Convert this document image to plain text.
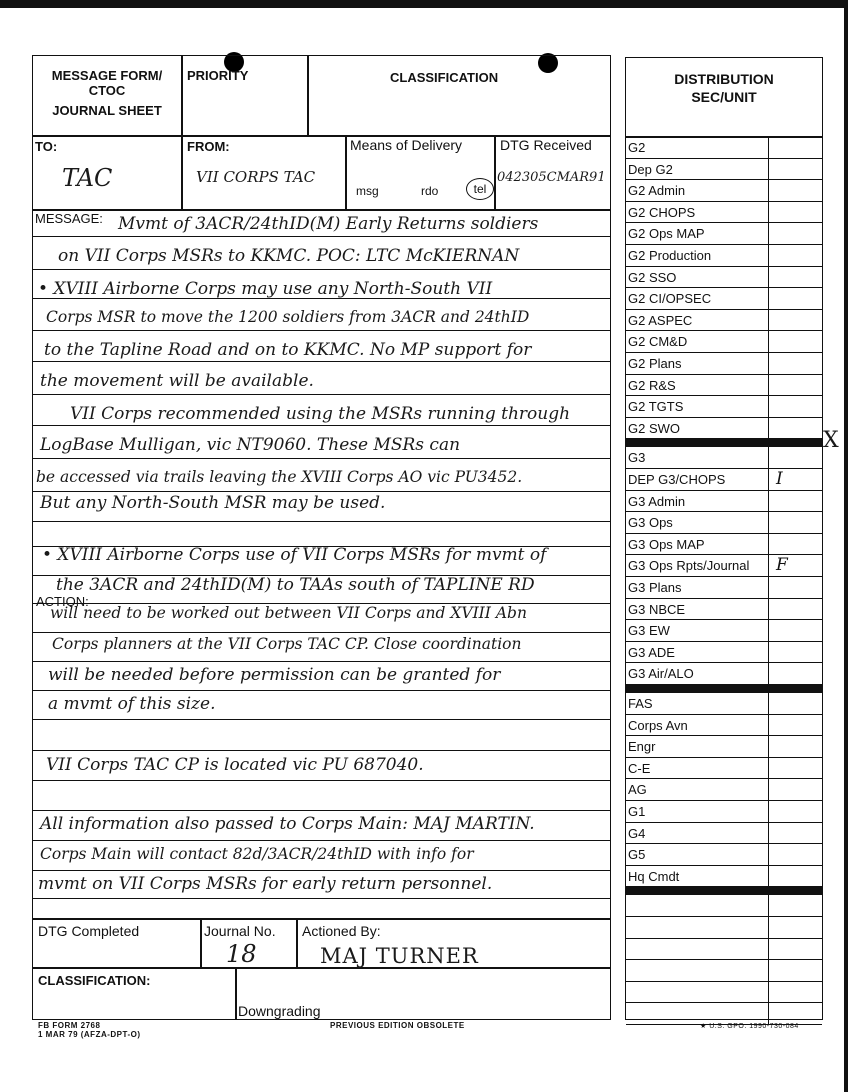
MESSAGE FORM/
CTOC
JOURNAL SHEET
PRIORITY	CLASSIFICATION
TO:
TAC
FROM:
VII CORPS TAC
Means of Delivery
msg	rdo	tel
DTG Received
042305CMAR91
MESSAGE: Mvmt of 3ACR/24thID(M) Early Returns soldiers
on VII Corps MSRs to KKMC. POC: LTC McKIERNAN
• XVIII Airborne Corps may use any North-South VII
Corps MSR to move the 1200 soldiers from 3ACR and 24thID
to the Tapline Road and on to KKMC. No MP support for
the movement will be available.
VII Corps recommended using the MSRs running through
LogBase Mulligan, vic NT9060. These MSRs can
be accessed via trails leaving the XVIII Corps AO vic PU3452.
But any North-South MSR may be used.
• XVIII Airborne Corps use of VII Corps MSRs for mvmt of
the 3ACR and 24thID(M) to TAAs south of TAPLINE RD
will need to be worked out between VII Corps and XVIII Abn
Corps planners at the VII Corps TAC CP. Close coordination
will be needed before permission can be granted for
a mvmt of this size.
VII Corps TAC CP is located vic PU 687040.
All information also passed to Corps Main: MAJ MARTIN.
Corps Main will contact 82d/3ACR/24thID with info for
mvmt on VII Corps MSRs for early return personnel.
ACTION:
DTG Completed	Journal No.
18
Actioned By:
MAJ TURNER
CLASSIFICATION:
Downgrading
DISTRIBUTION
SEC/UNIT
G2
Dep G2
G2 Admin
G2 CHOPS
G2 Ops MAP
G2 Production
G2 SSO
G2 CI/OPSEC
G2 ASPEC
G2 CM&D
G2 Plans
G2 R&S
G2 TGTS
G2 SWO
G3
DEP G3/CHOPS	I
G3 Admin
G3 Ops
G3 Ops MAP
G3 Ops Rpts/Journal F
G3 Plans
G3 NBCE
G3 EW
G3 ADE
G3 Air/ALO
FAS
Corps Avn
Engr
C-E
AG
G1
G4
G5
Hq Cmdt
X
FB FORM 2768
1 MAR 79 (AFZA-DPT-O)
PREVIOUS EDITION OBSOLETE	★ U.S. GPO: 1990-730-084
